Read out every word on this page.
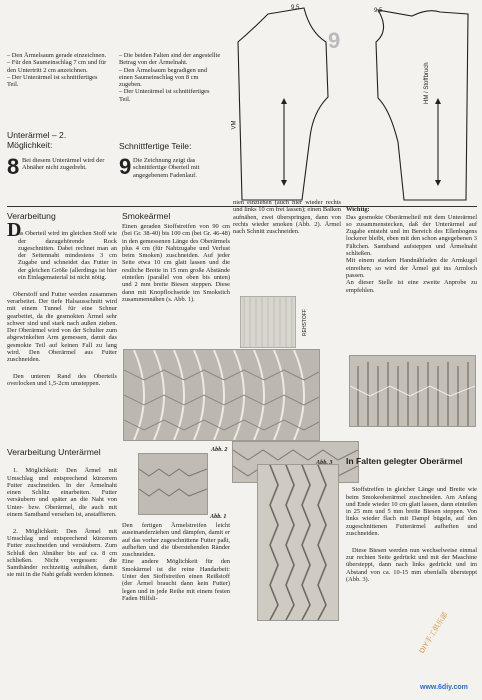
– Den Ärmelsaum gerade einzeichnen.
– Für den Saumeinschlag 7 cm und für den Untertritt 2 cm anzeichnen.
– Der Unterärmel ist schnittfertiges Teil.
– Die beiden Falten sind der angestellte Betrag von der Ärmelnaht.
– Den Ärmelsaum begradigen und einen Saumeinschlag von 8 cm zugeben.
– Der Unterärmel ist schnittfertiges Teil.
Unterärmel – 2. Möglichkeit:
8 Bei diesem Unterärmel wird der Abnäher nicht zugedreht.
Schnittfertige Teile:
9 Die Zeichnung zeigt das schnittfertige Oberteil mit angegebenem Fadenlauf.
9
9,5	9,5
VM
HM / Stoffbruch
Verarbeitung
D

as Oberteil wird im gleichen Stoff wie der dazugehörende Rock zugeschnitten. Dabei rechnet man an der Seitennaht mindestens 3 cm Zugabe und schneidet das Futter in der gleichen Größe (allerdings ist hier ein Einlagematerial ist nicht nötig.

Oberstoff und Futter werden zusammen verarbeitet. Der tiefe Halsausschnitt wird mit einem Tunnel für eine Schnur gearbeitet, da die gesmokten Ärmel sehr schwer sind und stark nach außen ziehen. Der Oberärmel wird von der Schulter zum abgewinkelten Arm gemessen, damit das gesmokte Teil auf keinen Fall zu lang wird. Den Oberärmel aus Futter zuschneiden.

Den unteren Rand des Oberteils overlocken und 1,5-2cm umsteppen.

Verarbeitung Unterärmel

1. Möglichkeit: Den Ärmel mit Umschlag und entsprechend kürzerem Futter zuschneiden. In der Ärmelnaht einen Schlitz einarbeiten. Futter versäubern und später an die Naht von Unter- bzw. Oberärmel, die auch mit einem Samtband versehen ist, anstaffieren.

2. Möglichkeit: Den Ärmel mit Umschlag und entsprechend kürzerem Futter zuschneiden und versäubern. Zum Schluß den Abnäher bis auf ca. 8 cm schließen. Nicht vergessen: die Samtbänder rechtzeitig aufnähen, damit sie mit in die Naht gefaßt werden können.

Smokeärmel
Einen geraden Stoffstreifen von 90 cm (bei Gr. 38-40) bis 100 cm (bei Gr. 46-48) in den gemessenen Länge des Oberärmels plus 4 cm (für Nahtzugabe und Verlust beim Smoken) zuschneiden. Auf jeder Seite etwa 10 cm glatt lassen und die restliche Breite in 15 mm große Abstände einteilen (parallel von oben bis unten) und 2 mm breite Biesen steppen. Diese dann mit Knopflochseide im Smokstich zusammennähen (s. Abb. 1).
nien einziehen (auch hier wieder rechts und links 10 cm frei lassen); einen Balken aufnähen, zwei überspringen, dann von rechts wieder smoken (Abb. 2). Ärmel nach Schnitt zuschneiden.

Wichtig:
Das gesmokte Oberärmelteil mit dem Unterärmel so zusammenstecken, daß der Unterärmel auf Zugabe entsteht und im Bereich des Ellenbogens lockerer bleibt, eben mit den schon angegebenen 3 Fältchen. Samtband aufsteppen und Ärmelnaht schließen.
Mit einem starken Handnähfaden die Armkugel einreihen; so wird der Ärmel gut ins Armloch passen.
An dieser Stelle ist eine zweite Anprobe zu empfehlen.

REHSTOFF
Abb. 2
Abb. 3
Abb. 1
Den fertigen Ärmelstreifen leicht auseinanderziehen und dämpfen, damit er auf das vorher zugeschnittene Futter paßt, aufheften und die überstehenden Ränder zuschneiden.
Eine andere Möglichkeit für den Smokärmel ist die reine Handarbeit: Unter den Stoffstreifen einen Reißstoff (der Ärmel braucht dann kein Futter) legen und in jede Reihe mit einem festen Faden Hilfsli-
In Falten gelegter Oberärmel

Stoffstreifen in gleicher Länge und Breite wie beim Smokeoberärmel zuschneiden. Am Anfang und Ende wieder 10 cm glatt lassen, dann einteilen in 25 mm und 5 mm breite Biesen steppen. Von links wieder flach mit Dampf bügeln, auf den zugeschnittenen Futterärmel aufheften und zuschneiden.

Diese Biesen werden nun wechselweise einmal zur rechten Seite gedrückt und mit der Maschine übersteppt, dann nach links gedrückt und im Abstand von ca. 10-15 mm ebenfalls übersteppt (Abb. 3).

DIY手工俱乐部
www.6diy.com
